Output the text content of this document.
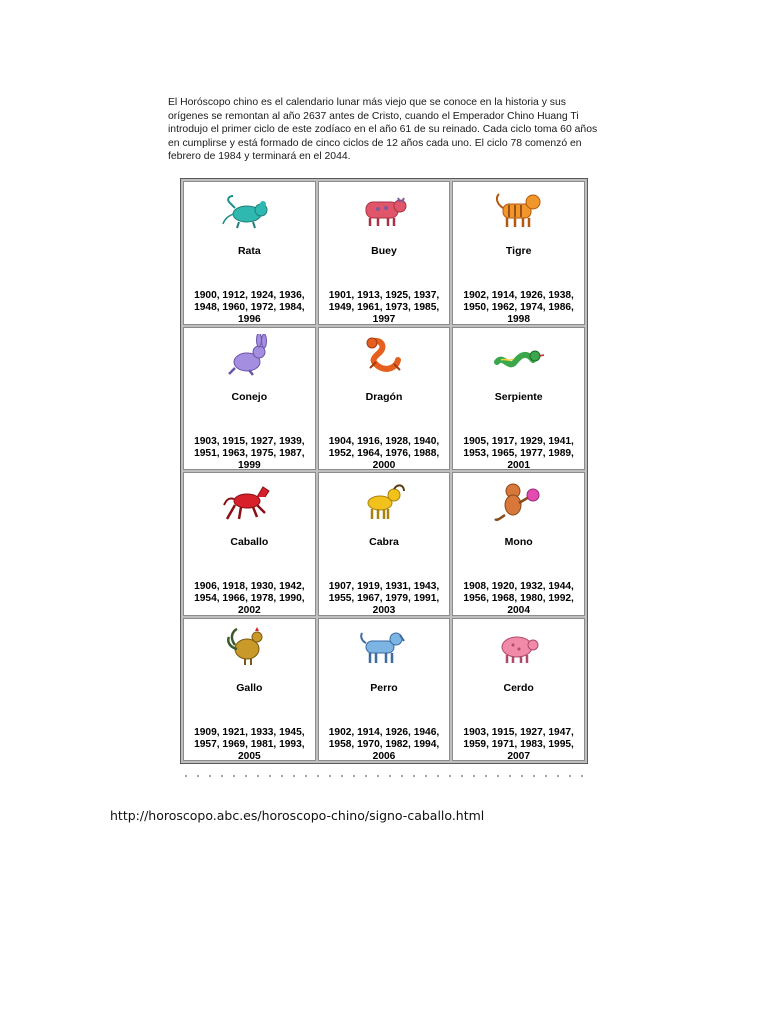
El Horóscopo chino es el calendario lunar más viejo que se conoce en la historia y sus orígenes se remontan al año 2637 antes de Cristo, cuando el Emperador Chino Huang Ti introdujo el primer ciclo de este zodíaco en el año 61 de su reinado. Cada ciclo toma 60 años en cumplirse y está formado de cinco ciclos de 12 años cada uno. El ciclo 78 comenzó en febrero de 1984 y terminará en el 2044.

Rata
1900, 1912, 1924, 1936, 1948, 1960, 1972, 1984, 1996
Buey
1901, 1913, 1925, 1937, 1949, 1961, 1973, 1985, 1997
Tigre
1902, 1914, 1926, 1938, 1950, 1962, 1974, 1986, 1998
Conejo
1903, 1915, 1927, 1939, 1951, 1963, 1975, 1987, 1999
Dragón
1904, 1916, 1928, 1940, 1952, 1964, 1976, 1988, 2000
Serpiente
1905, 1917, 1929, 1941, 1953, 1965, 1977, 1989, 2001
Caballo
1906, 1918, 1930, 1942, 1954, 1966, 1978, 1990, 2002
Cabra
1907, 1919, 1931, 1943, 1955, 1967, 1979, 1991, 2003
Mono
1908, 1920, 1932, 1944, 1956, 1968, 1980, 1992, 2004
Gallo
1909, 1921, 1933, 1945, 1957, 1969, 1981, 1993, 2005
Perro
1902, 1914, 1926, 1946, 1958, 1970, 1982, 1994, 2006
Cerdo
1903, 1915, 1927, 1947, 1959, 1971, 1983, 1995, 2007
http://horoscopo.abc.es/horoscopo-chino/signo-caballo.html
